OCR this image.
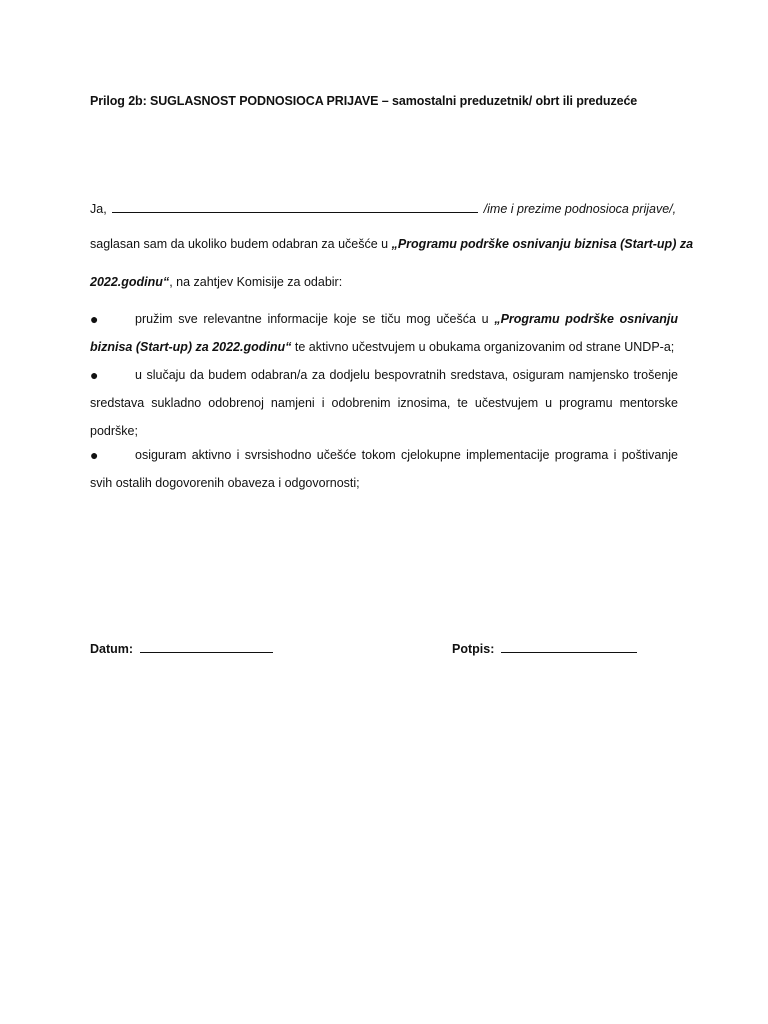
Prilog 2b: SUGLASNOST PODNOSIOCA PRIJAVE – samostalni preduzetnik/ obrt ili preduzeće
Ja,	/ime i prezime podnosioca prijave/,
saglasan sam da ukoliko budem odabran za učešće u „Programu podrške osnivanju biznisa (Start-up) za
2022.godinu“, na zahtjev Komisije za odabir:
●	pružim sve relevantne informacije koje se tiču mog učešća u „Programu podrške osnivanju biznisa (Start-up) za 2022.godinu“ te aktivno učestvujem u obukama organizovanim od strane UNDP-a;
●	u slučaju da budem odabran/a za dodjelu bespovratnih sredstava, osiguram namjensko trošenje sredstava sukladno odobrenoj namjeni i odobrenim iznosima, te učestvujem u programu mentorske podrške;
●	osiguram aktivno i svrsishodno učešće tokom cjelokupne implementacije programa i poštivanje svih ostalih dogovorenih obaveza i odgovornosti;
Datum:	Potpis:
